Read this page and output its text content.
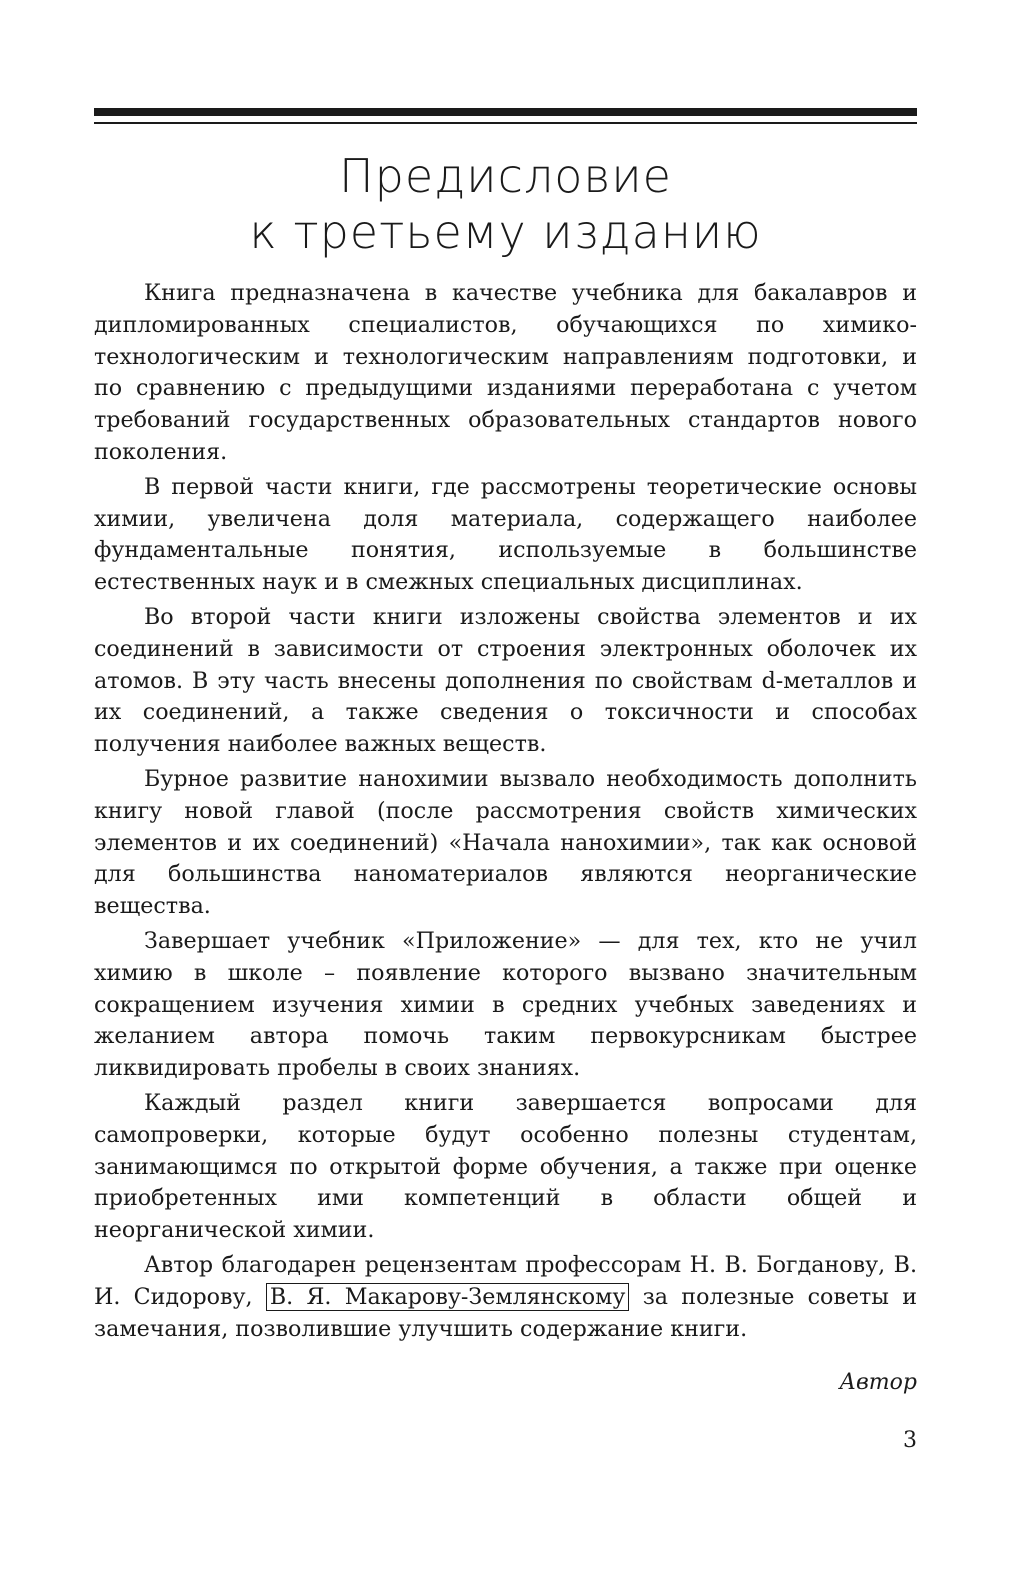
Предисловие
к третьему изданию

Книга предназначена в качестве учебника для бакалавров и дипломированных специалистов, обучающихся по химико-технологическим и технологическим направлениям подготовки, и по сравнению с предыдущими изданиями переработана с учетом требований государственных образовательных стандартов нового поколения.

В первой части книги, где рассмотрены теоретические основы химии, увеличена доля материала, содержащего наиболее фундаментальные понятия, используемые в большинстве естественных наук и в смежных специальных дисциплинах.

Во второй части книги изложены свойства элементов и их соединений в зависимости от строения электронных оболочек их атомов. В эту часть внесены дополнения по свойствам d-металлов и их соединений, а также сведения о токсичности и способах получения наиболее важных веществ.

Бурное развитие нанохимии вызвало необходимость дополнить книгу новой главой (после рассмотрения свойств химических элементов и их соединений) «Начала нанохимии», так как основой для большинства наноматериалов являются неорганические вещества.

Завершает учебник «Приложение» — для тех, кто не учил химию в школе – появление которого вызвано значительным сокращением изучения химии в средних учебных заведениях и желанием автора помочь таким первокурсникам быстрее ликвидировать пробелы в своих знаниях.

Каждый раздел книги завершается вопросами для самопроверки, которые будут особенно полезны студентам, занимающимся по открытой форме обучения, а также при оценке приобретенных ими компетенций в области общей и неорганической химии.

Автор благодарен рецензентам профессорам Н. В. Богданову, В. И. Сидорову, В. Я. Макарову-Землянскому за полезные советы и замечания, позволившие улучшить содержание книги.

Автор
3
